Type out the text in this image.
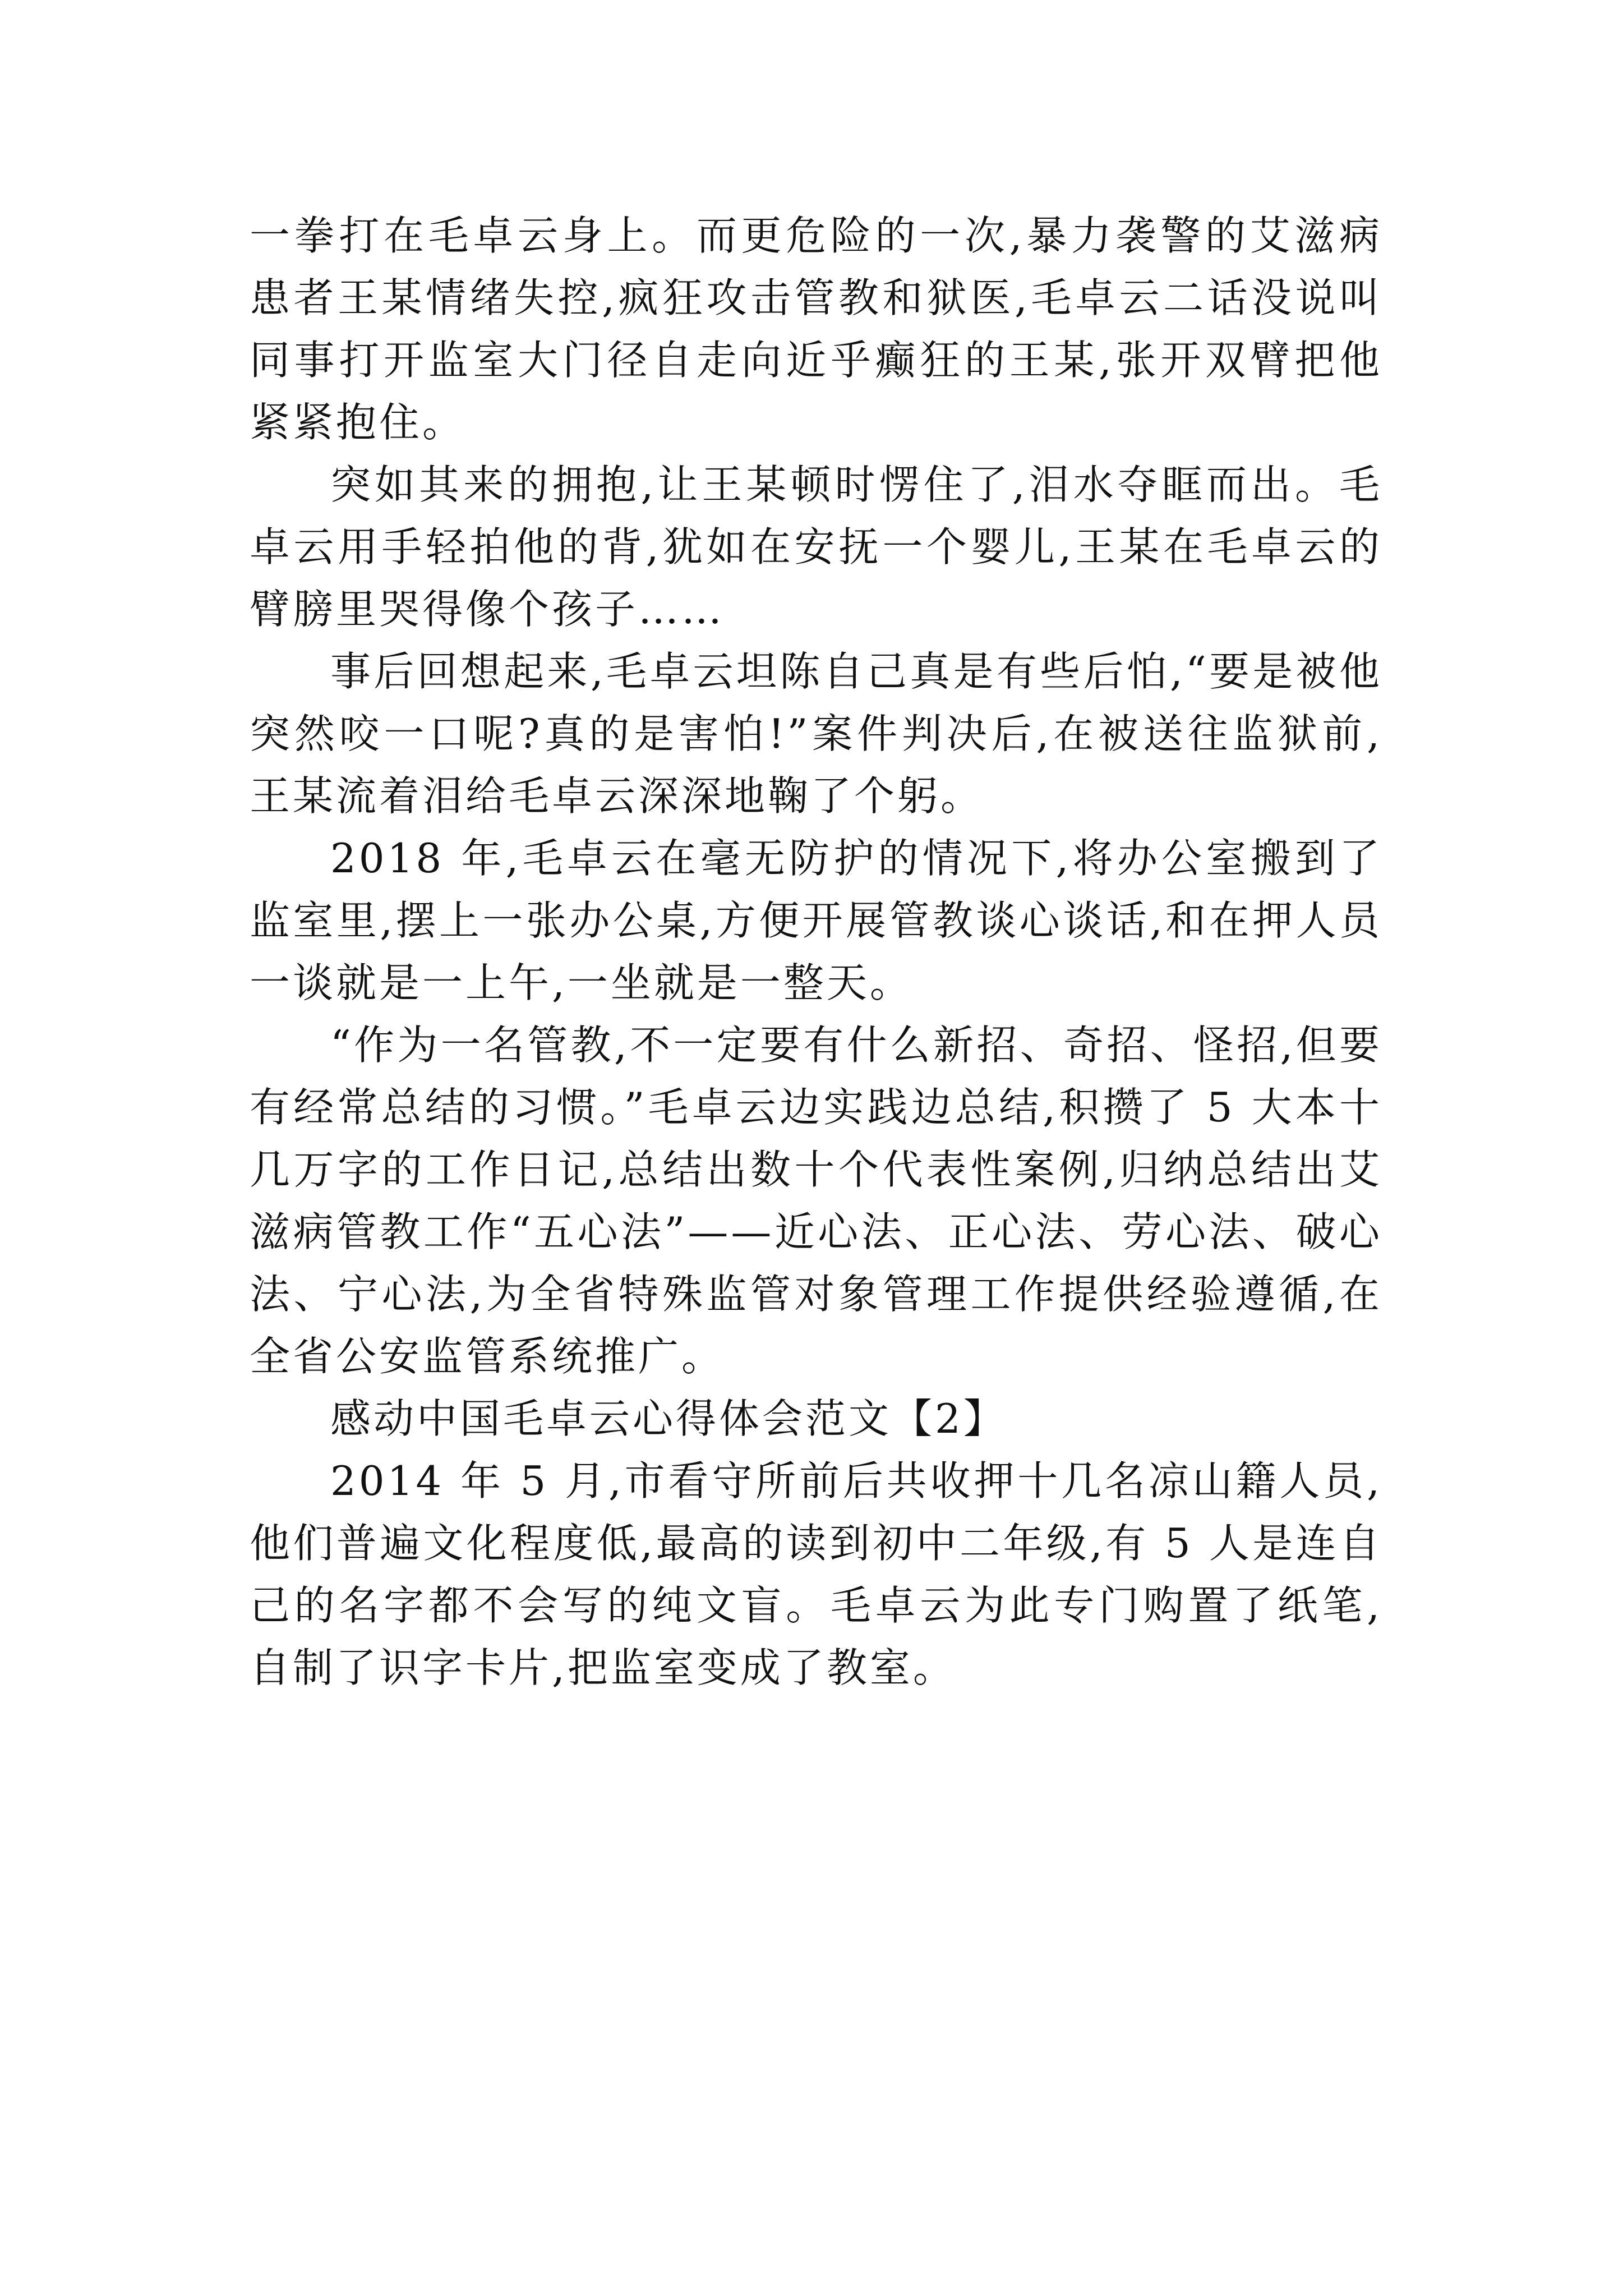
一拳打在毛卓云身上。而更危险的一次,暴力袭警的艾滋病患者王某情绪失控,疯狂攻击管教和狱医,毛卓云二话没说叫同事打开监室大门径自走向近乎癫狂的王某,张开双臂把他紧紧抱住。

突如其来的拥抱,让王某顿时愣住了,泪水夺眶而出。毛卓云用手轻拍他的背,犹如在安抚一个婴儿,王某在毛卓云的臂膀里哭得像个孩子……

事后回想起来,毛卓云坦陈自己真是有些后怕,“要是被他突然咬一口呢?真的是害怕!”案件判决后,在被送往监狱前,王某流着泪给毛卓云深深地鞠了个躬。

2018 年,毛卓云在毫无防护的情况下,将办公室搬到了监室里,摆上一张办公桌,方便开展管教谈心谈话,和在押人员一谈就是一上午,一坐就是一整天。

“作为一名管教,不一定要有什么新招、奇招、怪招,但要有经常总结的习惯。”毛卓云边实践边总结,积攒了 5 大本十几万字的工作日记,总结出数十个代表性案例,归纳总结出艾滋病管教工作“五心法”——近心法、正心法、劳心法、破心法、宁心法,为全省特殊监管对象管理工作提供经验遵循,在全省公安监管系统推广。

感动中国毛卓云心得体会范文【2】

2014 年 5 月,市看守所前后共收押十几名凉山籍人员,他们普遍文化程度低,最高的读到初中二年级,有 5 人是连自己的名字都不会写的纯文盲。毛卓云为此专门购置了纸笔,自制了识字卡片,把监室变成了教室。
